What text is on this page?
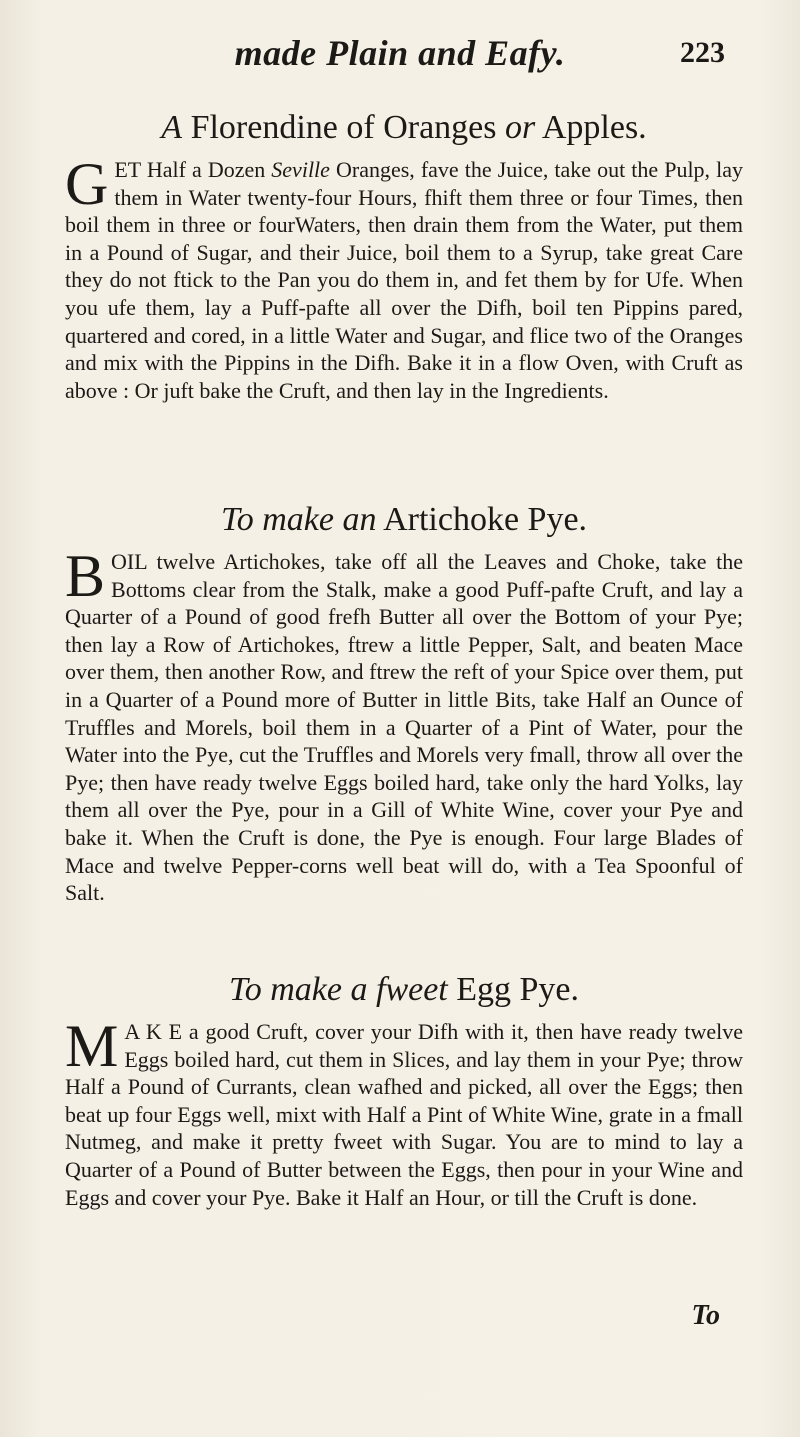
made Plain and Eafy.	223
A Florendine of Oranges or Apples.

GET Half a Dozen Seville Oranges, fave the Juice, take out the Pulp, lay them in Water twenty-four Hours, fhift them three or four Times, then boil them in three or fourWaters, then drain them from the Water, put them in a Pound of Sugar, and their Juice, boil them to a Syrup, take great Care they do not ftick to the Pan you do them in, and fet them by for Ufe. When you ufe them, lay a Puff-pafte all over the Difh, boil ten Pippins pared, quartered and cored, in a little Water and Sugar, and flice two of the Oranges and mix with the Pippins in the Difh. Bake it in a flow Oven, with Cruft as above : Or juft bake the Cruft, and then lay in the Ingredients.

To make an Artichoke Pye.

BOIL twelve Artichokes, take off all the Leaves and Choke, take the Bottoms clear from the Stalk, make a good Puff-pafte Cruft, and lay a Quarter of a Pound of good frefh Butter all over the Bottom of your Pye; then lay a Row of Artichokes, ftrew a little Pepper, Salt, and beaten Mace over them, then another Row, and ftrew the reft of your Spice over them, put in a Quarter of a Pound more of Butter in little Bits, take Half an Ounce of Truffles and Morels, boil them in a Quarter of a Pint of Water, pour the Water into the Pye, cut the Truffles and Morels very fmall, throw all over the Pye; then have ready twelve Eggs boiled hard, take only the hard Yolks, lay them all over the Pye, pour in a Gill of White Wine, cover your Pye and bake it. When the Cruft is done, the Pye is enough. Four large Blades of Mace and twelve Pepper-corns well beat will do, with a Tea Spoonful of Salt.

To make a fweet Egg Pye.

M A K E a good Cruft, cover your Difh with it, then have ready twelve Eggs boiled hard, cut them in Slices, and lay them in your Pye; throw Half a Pound of Currants, clean wafhed and picked, all over the Eggs; then beat up four Eggs well, mixt with Half a Pint of White Wine, grate in a fmall Nutmeg, and make it pretty fweet with Sugar. You are to mind to lay a Quarter of a Pound of Butter between the Eggs, then pour in your Wine and Eggs and cover your Pye. Bake it Half an Hour, or till the Cruft is done.

To
